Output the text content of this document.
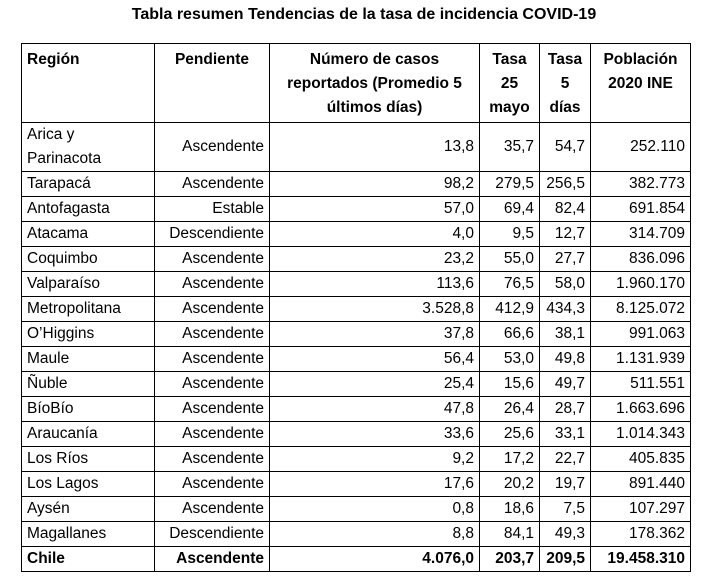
Tabla resumen Tendencias de la tasa de incidencia COVID-19
Región	Pendiente	Número de casos reportados (Promedio 5 últimos días)	Tasa 25 mayo	Tasa 5 días	Población 2020 INE
Arica y Parinacota	Ascendente	13,8	35,7	54,7	252.110
Tarapacá	Ascendente	98,2	279,5	256,5	382.773
Antofagasta	Estable	57,0	69,4	82,4	691.854
Atacama	Descendiente	4,0	9,5	12,7	314.709
Coquimbo	Ascendente	23,2	55,0	27,7	836.096
Valparaíso	Ascendente	113,6	76,5	58,0	1.960.170
Metropolitana	Ascendente	3.528,8	412,9	434,3	8.125.072
O’Higgins	Ascendente	37,8	66,6	38,1	991.063
Maule	Ascendente	56,4	53,0	49,8	1.131.939
Ñuble	Ascendente	25,4	15,6	49,7	511.551
BíoBío	Ascendente	47,8	26,4	28,7	1.663.696
Araucanía	Ascendente	33,6	25,6	33,1	1.014.343
Los Ríos	Ascendente	9,2	17,2	22,7	405.835
Los Lagos	Ascendente	17,6	20,2	19,7	891.440
Aysén	Ascendente	0,8	18,6	7,5	107.297
Magallanes	Descendiente	8,8	84,1	49,3	178.362
Chile	Ascendente	4.076,0	203,7	209,5	19.458.310
